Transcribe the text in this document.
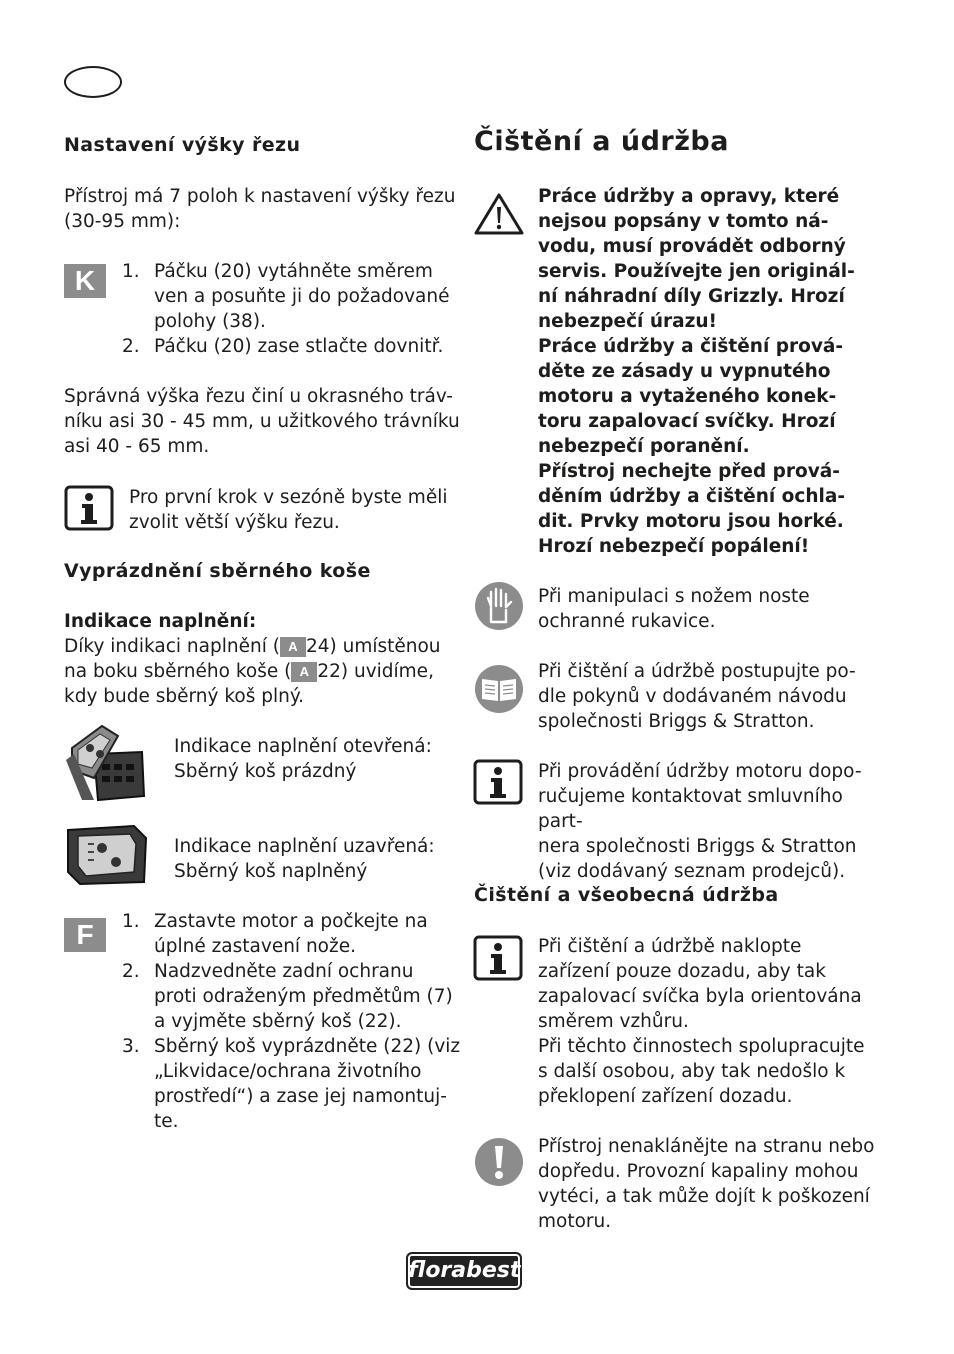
Nastavení výšky řezu
Přístroj má 7 poloh k nastavení výšky řezu
(30-95 mm):
K	1. Páčku (20) vytáhněte směrem
ven a posuňte ji do požadované
polohy (38).
2. Páčku (20) zase stlačte dovnitř.
Správná výška řezu činí u okrasného tráv-
níku asi 30 - 45 mm, u užitkového trávníku
asi 40 - 65 mm.
Pro první krok v sezóně byste měli
zvolit větší výšku řezu.
Vyprázdnění sběrného koše
Indikace naplnění:
Díky indikaci naplnění ( A 24) umístěnou
na boku sběrného koše ( A 22) uvidíme,
kdy bude sběrný koš plný.
Indikace naplnění otevřená:
Sběrný koš prázdný
Indikace naplnění uzavřená:
Sběrný koš naplněný
F	1. Zastavte motor a počkejte na
úplné zastavení nože.
2. Nadzvedněte zadní ochranu
proti odraženým předmětům (7)
a vyjměte sběrný koš (22).
3. Sběrný koš vyprázdněte (22) (viz
„Likvidace/ochrana životního
prostředí“) a zase jej namontuj-
te.
Čištění a údržba
Práce údržby a opravy, které
nejsou popsány v tomto ná-
vodu, musí provádět odborný
servis. Používejte jen originál-
ní náhradní díly Grizzly. Hrozí
nebezpečí úrazu!
Práce údržby a čištění prová-
děte ze zásady u vypnutého
motoru a vytaženého konek-
toru zapalovací svíčky. Hrozí
nebezpečí poranění.
Přístroj nechejte před prová-
děním údržby a čištění ochla-
dit. Prvky motoru jsou horké.
Hrozí nebezpečí popálení!
Při manipulaci s nožem noste
ochranné rukavice.
Při čištění a údržbě postupujte po-
dle pokynů v dodávaném návodu
společnosti Briggs & Stratton.
Při provádění údržby motoru dopo-
ručujeme kontaktovat smluvního part-
nera společnosti Briggs & Stratton
(viz dodávaný seznam prodejců).
Čištění a všeobecná údržba
Při čištění a údržbě naklopte
zařízení pouze dozadu, aby tak
zapalovací svíčka byla orientována
směrem vzhůru.
Při těchto činnostech spolupracujte
s další osobou, aby tak nedošlo k
překlopení zařízení dozadu.
Přístroj nenaklánějte na stranu nebo
dopředu. Provozní kapaliny mohou
vytéci, a tak může dojít k poškození
motoru.
florabest
